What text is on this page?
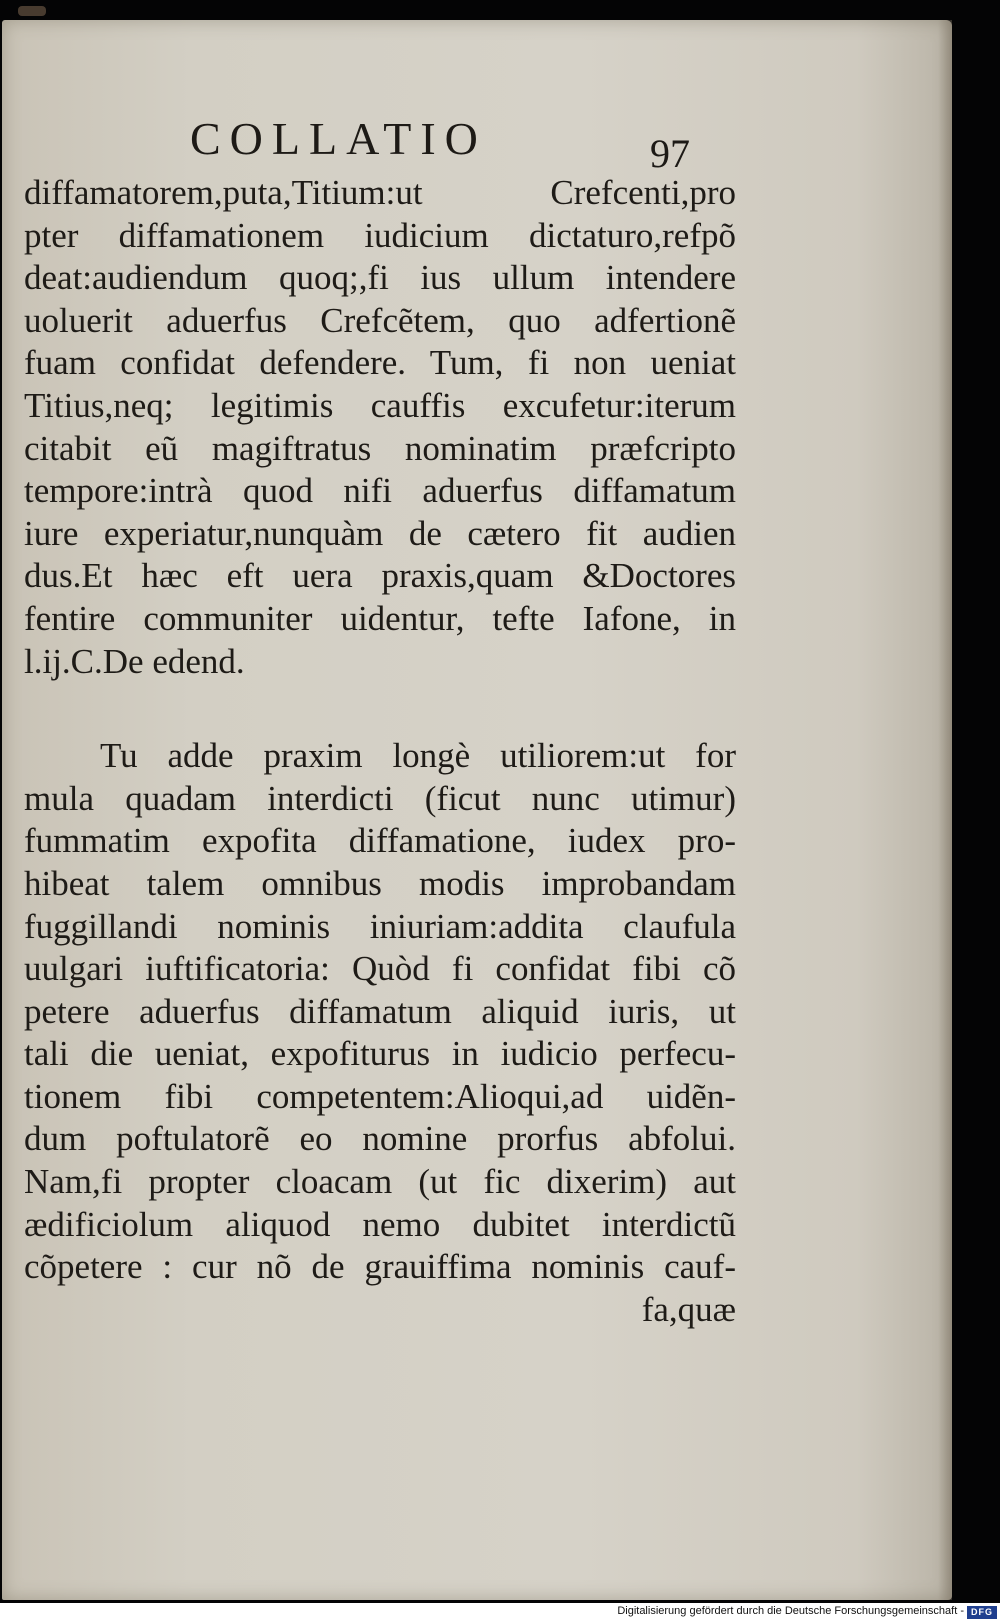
COLLATIO	97
diffamatorem,puta,Titium:ut Crefcenti,pro
pter diffamationem iudicium dictaturo,refpõ
deat:audiendum quoq;,fi ius ullum intendere
uoluerit aduerfus Crefcẽtem, quo adfertionẽ
fuam confidat defendere. Tum, fi non ueniat
Titius,neq; legitimis cauffis excufetur:iterum
citabit eũ magiftratus nominatim præfcripto
tempore:intrà quod nifi aduerfus diffamatum
iure experiatur,nunquàm de cætero fit audien
dus.Et hæc eft uera praxis,quam &Doctores
fentire communiter uidentur, tefte Iafone, in
l.ij.C.De edend.
Tu adde praxim longè utiliorem:ut for
mula quadam interdicti (ficut nunc utimur)
fummatim expofita diffamatione, iudex pro-
hibeat talem omnibus modis improbandam
fuggillandi nominis iniuriam:addita claufula
uulgari iuftificatoria: Quòd fi confidat fibi cõ
petere aduerfus diffamatum aliquid iuris, ut
tali die ueniat, expofiturus in iudicio perfecu-
tionem fibi competentem:Alioqui,ad uidẽn-
dum poftulatorẽ eo nomine prorfus abfolui.
Nam,fi propter cloacam (ut fic dixerim) aut
ædificiolum aliquod nemo dubitet interdictũ
cõpetere : cur nõ de grauiffima nominis cauf-
fa,quæ
Digitalisierung gefördert durch die Deutsche Forschungsgemeinschaft - DFG
